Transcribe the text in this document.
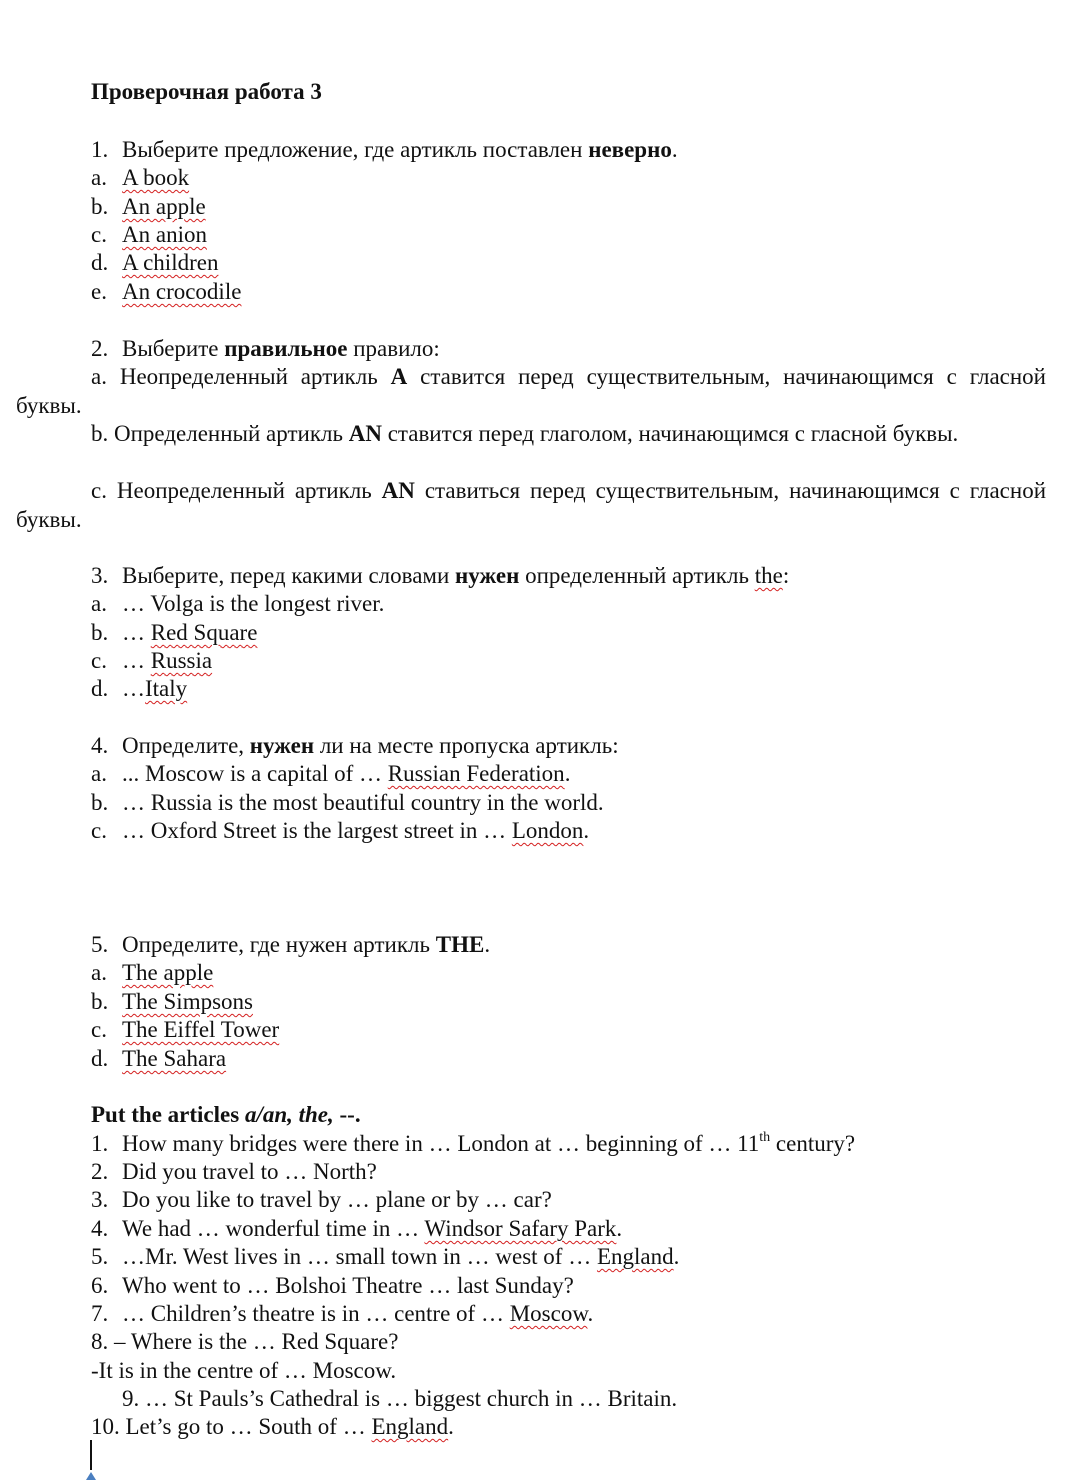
Проверочная работа 3
1. Выберите предложение, где артикль поставлен неверно.
a. A book
b. An apple
c. An anion
d. A children
e. An crocodile
2. Выберите правильное правило:
a. Неопределенный артикль A ставится перед существительным, начинающимся с гласной буквы.
b. Определенный артикль AN ставится перед глаголом, начинающимся с гласной буквы.
c. Неопределенный артикль AN ставиться перед существительным, начинающимся с гласной буквы.
3. Выберите, перед какими словами нужен определенный артикль the:
a. … Volga is the longest river.
b. … Red Square
c. … Russia
d. …Italy
4. Определите, нужен ли на месте пропуска артикль:
a. ... Moscow is a capital of … Russian Federation.
b. … Russia is the most beautiful country in the world.
c. … Oxford Street is the largest street in … London.
5. Определите, где нужен артикль THE.
a. The apple
b. The Simpsons
c. The Eiffel Tower
d. The Sahara
Put the articles a/an, the, --.
1. How many bridges were there in … London at … beginning of … 11th century?
2. Did you travel to … North?
3. Do you like to travel by … plane or by … car?
4. We had … wonderful time in … Windsor Safary Park.
5. …Mr. West lives in … small town in … west of … England.
6. Who went to … Bolshoi Theatre … last Sunday?
7. … Children’s theatre is in … centre of … Moscow.
8. – Where is the … Red Square?
-It is in the centre of … Moscow.
9. … St Pauls’s Cathedral is … biggest church in … Britain.
10. Let’s go to … South of … England.
